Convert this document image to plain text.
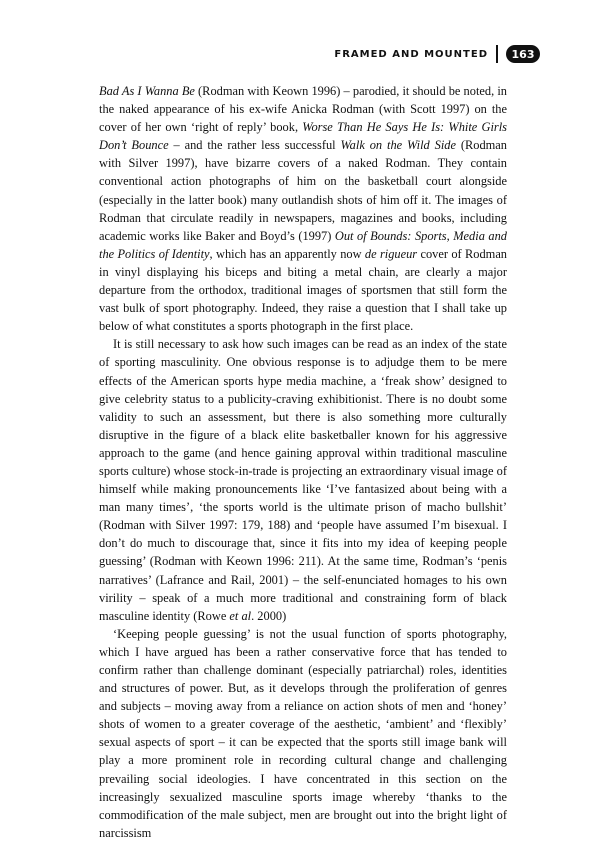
FRAMED AND MOUNTED	163

Bad As I Wanna Be (Rodman with Keown 1996) – parodied, it should be noted, in the naked appearance of his ex-wife Anicka Rodman (with Scott 1997) on the cover of her own ‘right of reply’ book, Worse Than He Says He Is: White Girls Don’t Bounce – and the rather less successful Walk on the Wild Side (Rodman with Silver 1997), have bizarre covers of a naked Rodman. They contain conventional action photographs of him on the basketball court alongside (especially in the latter book) many outlandish shots of him off it. The images of Rodman that circulate readily in newspapers, magazines and books, including academic works like Baker and Boyd’s (1997) Out of Bounds: Sports, Media and the Politics of Identity, which has an apparently now de rigueur cover of Rodman in vinyl displaying his biceps and biting a metal chain, are clearly a major departure from the orthodox, traditional images of sportsmen that still form the vast bulk of sport photography. Indeed, they raise a question that I shall take up below of what constitutes a sports photograph in the first place.

It is still necessary to ask how such images can be read as an index of the state of sporting masculinity. One obvious response is to adjudge them to be mere effects of the American sports hype media machine, a ‘freak show’ designed to give celebrity status to a publicity-craving exhibitionist. There is no doubt some validity to such an assessment, but there is also something more culturally disruptive in the figure of a black elite basketballer known for his aggressive approach to the game (and hence gaining approval within traditional masculine sports culture) whose stock-in-trade is projecting an extraordinary visual image of himself while making pronouncements like ‘I’ve fantasized about being with a man many times’, ‘the sports world is the ultimate prison of macho bullshit’ (Rodman with Silver 1997: 179, 188) and ‘people have assumed I’m bisexual. I don’t do much to discourage that, since it fits into my idea of keeping people guessing’ (Rodman with Keown 1996: 211). At the same time, Rodman’s ‘penis narratives’ (Lafrance and Rail, 2001) – the self-enunciated homages to his own virility – speak of a much more traditional and constraining form of black masculine identity (Rowe et al. 2000)

‘Keeping people guessing’ is not the usual function of sports photography, which I have argued has been a rather conservative force that has tended to confirm rather than challenge dominant (especially patriarchal) roles, identities and structures of power. But, as it develops through the proliferation of genres and subjects – moving away from a reliance on action shots of men and ‘honey’ shots of women to a greater coverage of the aesthetic, ‘ambient’ and ‘flexibly’ sexual aspects of sport – it can be expected that the sports still image bank will play a more prominent role in recording cultural change and challenging prevailing social ideologies. I have concentrated in this section on the increasingly sexualized masculine sports image whereby ‘thanks to the commodification of the male subject, men are brought out into the bright light of narcissism
